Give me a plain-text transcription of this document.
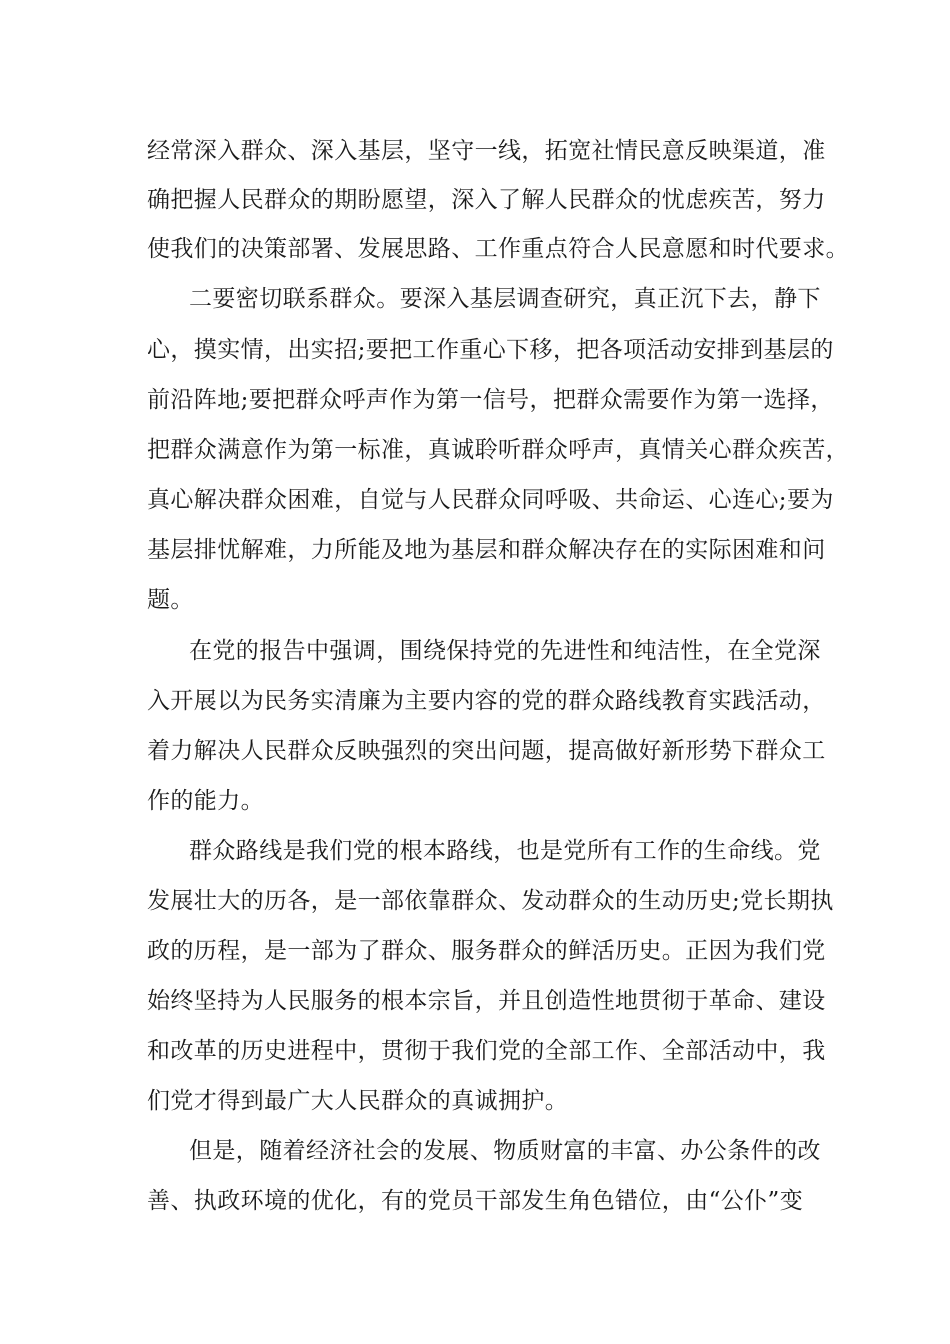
经常深入群众、深入基层，坚守一线，拓宽社情民意反映渠道，准
确把握人民群众的期盼愿望，深入了解人民群众的忧虑疾苦，努力
使我们的决策部署、发展思路、工作重点符合人民意愿和时代要求。
二要密切联系群众。要深入基层调查研究，真正沉下去，静下
心，摸实情，出实招;要把工作重心下移，把各项活动安排到基层的
前沿阵地;要把群众呼声作为第一信号，把群众需要作为第一选择，
把群众满意作为第一标准，真诚聆听群众呼声，真情关心群众疾苦，
真心解决群众困难，自觉与人民群众同呼吸、共命运、心连心;要为
基层排忧解难，力所能及地为基层和群众解决存在的实际困难和问
题。
在党的报告中强调，围绕保持党的先进性和纯洁性，在全党深
入开展以为民务实清廉为主要内容的党的群众路线教育实践活动，
着力解决人民群众反映强烈的突出问题，提高做好新形势下群众工
作的能力。
群众路线是我们党的根本路线，也是党所有工作的生命线。党
发展壮大的历各，是一部依靠群众、发动群众的生动历史;党长期执
政的历程，是一部为了群众、服务群众的鲜活历史。正因为我们党
始终坚持为人民服务的根本宗旨，并且创造性地贯彻于革命、建设
和改革的历史进程中，贯彻于我们党的全部工作、全部活动中，我
们党才得到最广大人民群众的真诚拥护。
但是，随着经济社会的发展、物质财富的丰富、办公条件的改
善、执政环境的优化，有的党员干部发生角色错位，由“公仆”变
